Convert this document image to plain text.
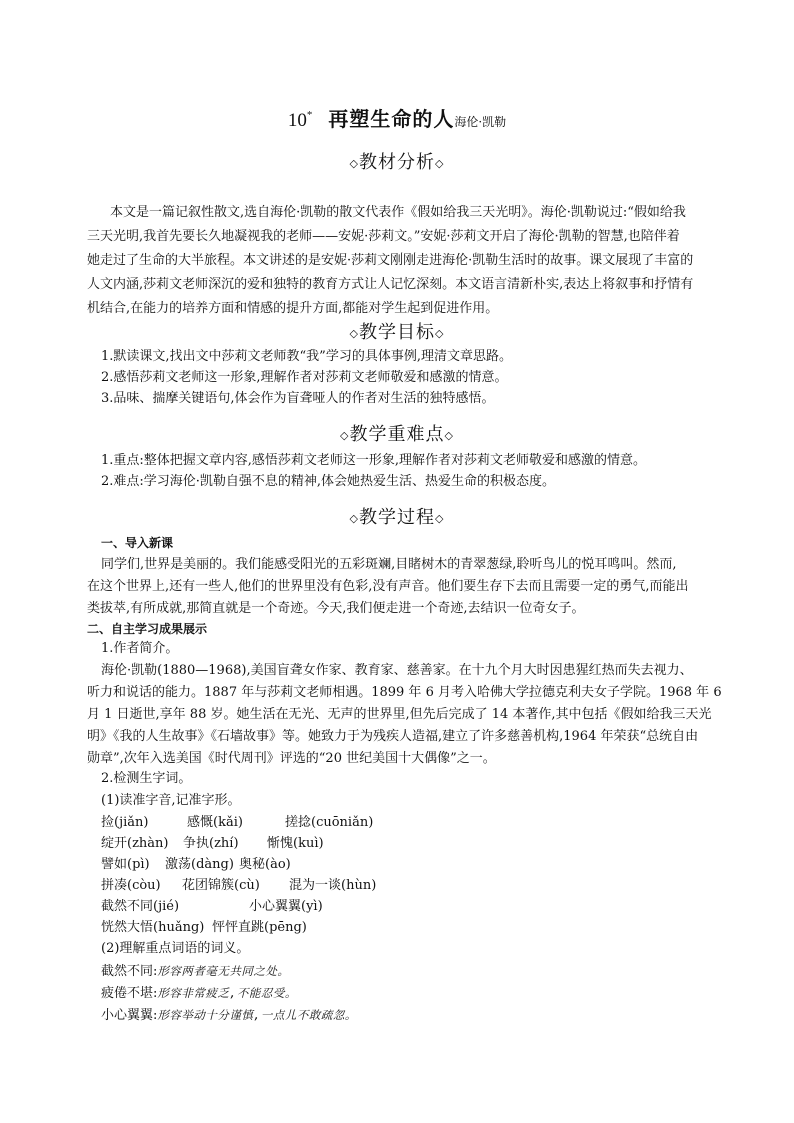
10* 再塑生命的人海伦·凯勒
◇教材分析◇
本文是一篇记叙性散文,选自海伦·凯勒的散文代表作《假如给我三天光明》。海伦·凯勒说过:“假如给我
三天光明,我首先要长久地凝视我的老师——安妮·莎莉文。”安妮·莎莉文开启了海伦·凯勒的智慧,也陪伴着
她走过了生命的大半旅程。本文讲述的是安妮·莎莉文刚刚走进海伦·凯勒生活时的故事。课文展现了丰富的
人文内涵,莎莉文老师深沉的爱和独特的教育方式让人记忆深刻。本文语言清新朴实,表达上将叙事和抒情有
机结合,在能力的培养方面和情感的提升方面,都能对学生起到促进作用。
◇教学目标◇
1.默读课文,找出文中莎莉文老师教“我”学习的具体事例,理清文章思路。
2.感悟莎莉文老师这一形象,理解作者对莎莉文老师敬爱和感激的情意。
3.品味、揣摩关键语句,体会作为盲聋哑人的作者对生活的独特感悟。
◇教学重难点◇
1.重点:整体把握文章内容,感悟莎莉文老师这一形象,理解作者对莎莉文老师敬爱和感激的情意。
2.难点:学习海伦·凯勒自强不息的精神,体会她热爱生活、热爱生命的积极态度。
◇教学过程◇
一、导入新课
同学们,世界是美丽的。我们能感受阳光的五彩斑斓,目睹树木的青翠葱绿,聆听鸟儿的悦耳鸣叫。然而,
在这个世界上,还有一些人,他们的世界里没有色彩,没有声音。他们要生存下去而且需要一定的勇气,而能出
类拔萃,有所成就,那简直就是一个奇迹。今天,我们便走进一个奇迹,去结识一位奇女子。
二、自主学习成果展示
1.作者简介。
海伦·凯勒(1880—1968),美国盲聋女作家、教育家、慈善家。在十九个月大时因患猩红热而失去视力、
听力和说话的能力。1887 年与莎莉文老师相遇。1899 年 6 月考入哈佛大学拉德克利夫女子学院。1968 年 6
月 1 日逝世,享年 88 岁。她生活在无光、无声的世界里,但先后完成了 14 本著作,其中包括《假如给我三天光
明》《我的人生故事》《石墙故事》等。她致力于为残疾人造福,建立了许多慈善机构,1964 年荣获“总统自由
勋章”,次年入选美国《时代周刊》评选的“20 世纪美国十大偶像”之一。
2.检测生字词。
(1)读准字音,记准字形。
捡(jiǎn)	感慨(kǎi)	搓捻(cuōniǎn)
绽开(zhàn) 争执(zhí) 惭愧(kuì)
譬如(pì) 激荡(dàng) 奥秘(ào)
拼凑(còu) 花团锦簇(cù) 混为一谈(hùn)
截然不同(jié)	小心翼翼(yì)
恍然大悟(huǎng) 怦怦直跳(pēng)
(2)理解重点词语的词义。
截然不同:形容两者毫无共同之处。
疲倦不堪:形容非常疲乏,不能忍受。
小心翼翼:形容举动十分谨慎,一点儿不敢疏忽。
